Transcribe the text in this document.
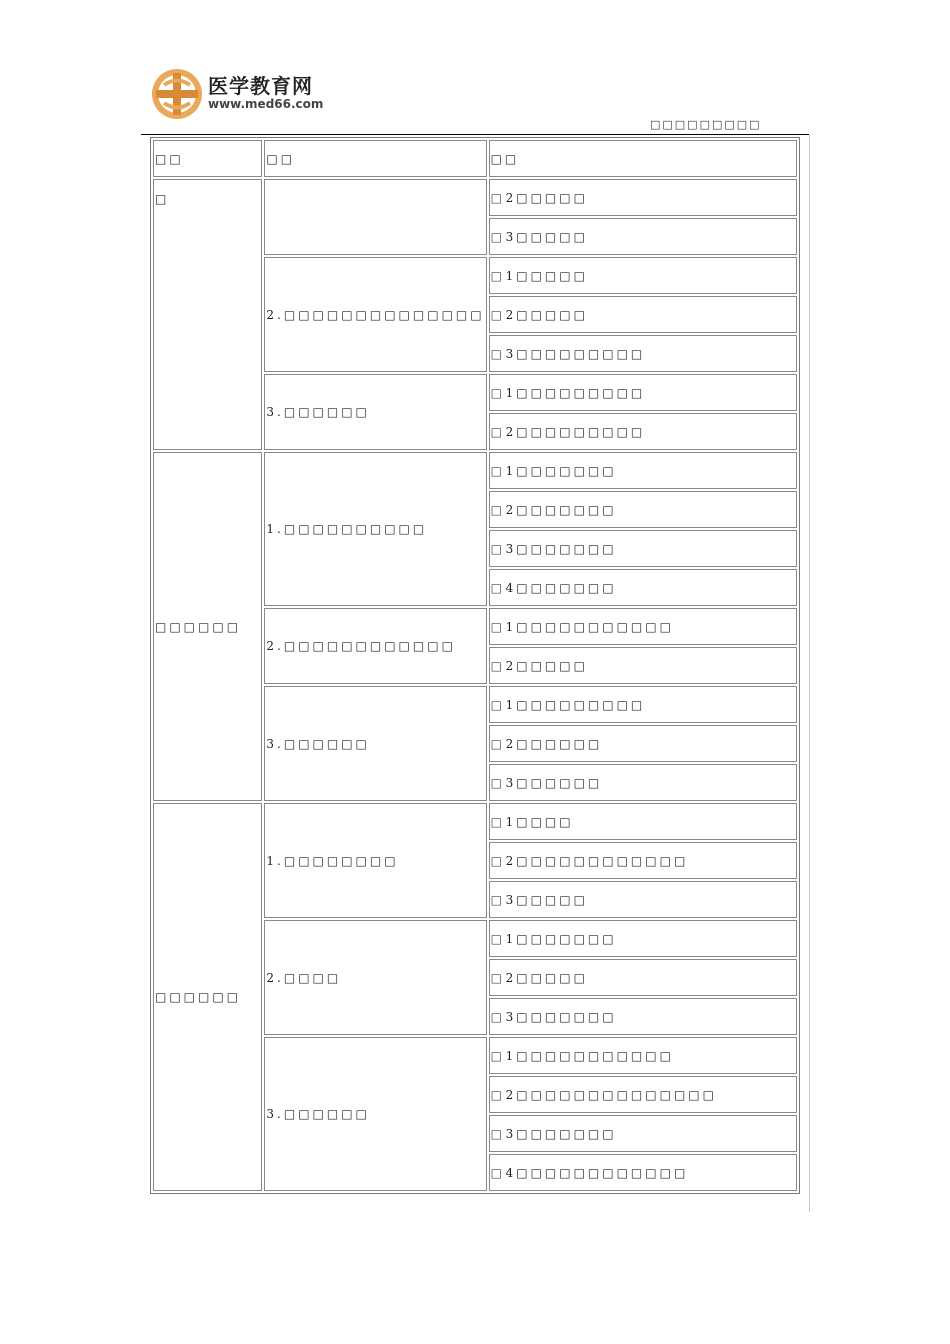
医学教育网
www.med66.com
□□□□□□□□□
□□	□□	□□
□		□2□□□□□
		□3□□□□□
	2.□□□□□□□□□□□□□□	□1□□□□□
		□2□□□□□
		□3□□□□□□□□□
	3.□□□□□□	□1□□□□□□□□□
		□2□□□□□□□□□
□□□□□□	1.□□□□□□□□□□	□1□□□□□□□
		□2□□□□□□□
		□3□□□□□□□
		□4□□□□□□□
	2.□□□□□□□□□□□□	□1□□□□□□□□□□□
		□2□□□□□
	3.□□□□□□	□1□□□□□□□□□
		□2□□□□□□
		□3□□□□□□
□□□□□□	1.□□□□□□□□	□1□□□□
		□2□□□□□□□□□□□□
		□3□□□□□
	2.□□□□	□1□□□□□□□
		□2□□□□□
		□3□□□□□□□
	3.□□□□□□	□1□□□□□□□□□□□
		□2□□□□□□□□□□□□□□
		□3□□□□□□□
		□4□□□□□□□□□□□□
